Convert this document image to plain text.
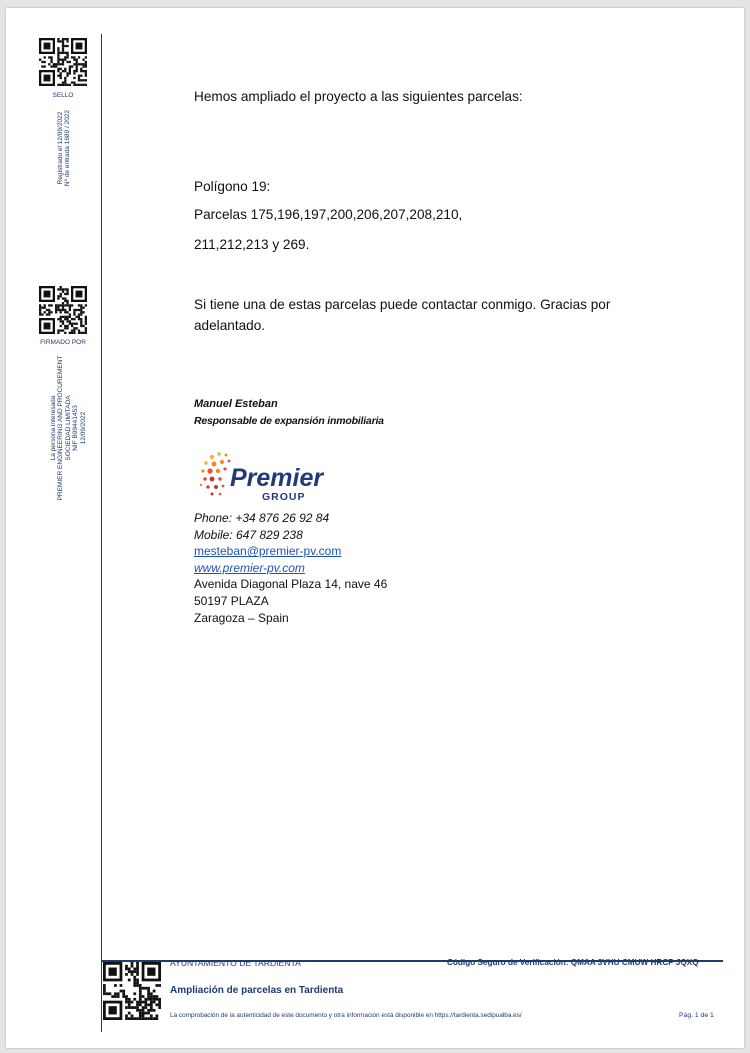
SELLO
Registrado el 12/09/2022 Nº de entrada 1689 / 2022
FIRMADO POR
La persona interesada PREMIER ENGINEERING AND PROCUREMENT SOCIEDAD LIMITADA NIF B99441453 12/09/2022
Hemos ampliado el proyecto a las siguientes parcelas:
Polígono 19:
Parcelas 175,196,197,200,206,207,208,210,
211,212,213 y 269.
Si tiene una de estas parcelas puede contactar conmigo. Gracias por
adelantado.
Manuel Esteban
Responsable de expansión inmobiliaria
Premier
GROUP
Phone: +34 876 26 92 84
Mobile: 647 829 238
mesteban@premier-pv.com
www.premier-pv.com
Avenida Diagonal Plaza 14, nave 46
50197 PLAZA
Zaragoza – Spain
AYUNTAMIENTO DE TARDIENTA	Código Seguro de Verificación: QMAA 3VHU CMUW HRCP JQXQ
Ampliación de parcelas en Tardienta
La comprobación de la autenticidad de este documento y otra información está disponible en https://tardienta.sedipualba.es/	Pág. 1 de 1
